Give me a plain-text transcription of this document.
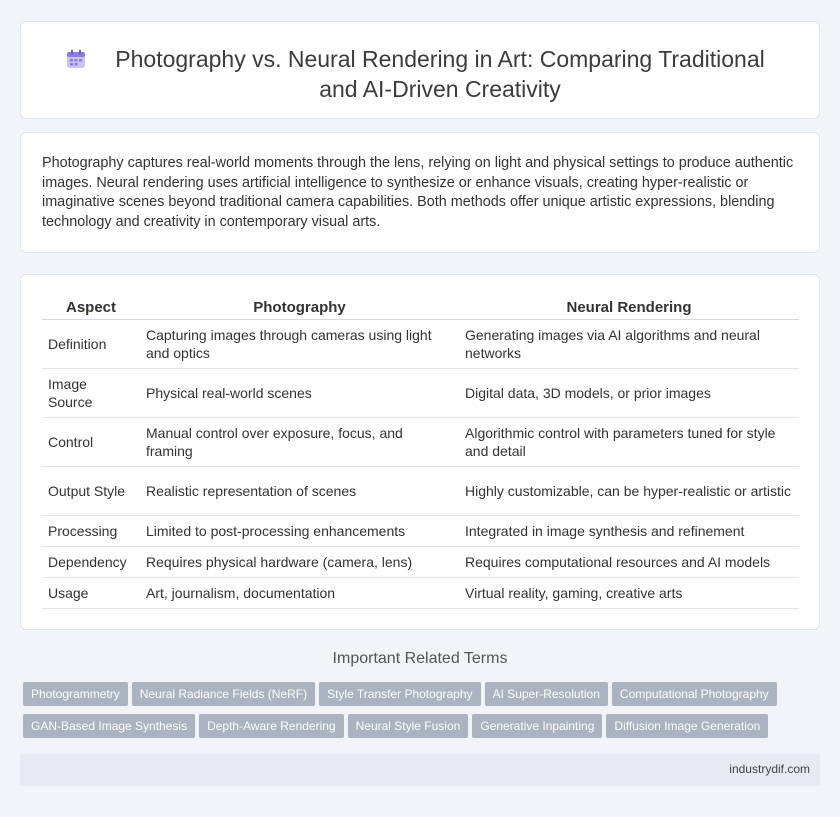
Photography vs. Neural Rendering in Art: Comparing Traditional and AI-Driven Creativity

Photography captures real-world moments through the lens, relying on light and physical settings to produce authentic images. Neural rendering uses artificial intelligence to synthesize or enhance visuals, creating hyper-realistic or imaginative scenes beyond traditional camera capabilities. Both methods offer unique artistic expressions, blending technology and creativity in contemporary visual arts.

Aspect	Photography	Neural Rendering
Definition	Capturing images through cameras using light and optics	Generating images via AI algorithms and neural networks
Image Source	Physical real-world scenes	Digital data, 3D models, or prior images
Control	Manual control over exposure, focus, and framing	Algorithmic control with parameters tuned for style and detail
Output Style	Realistic representation of scenes	Highly customizable, can be hyper-realistic or artistic
Processing	Limited to post-processing enhancements	Integrated in image synthesis and refinement
Dependency	Requires physical hardware (camera, lens)	Requires computational resources and AI models
Usage	Art, journalism, documentation	Virtual reality, gaming, creative arts
Important Related Terms
Photogrammetry Neural Radiance Fields (NeRF) Style Transfer Photography AI Super-Resolution Computational Photography
GAN-Based Image Synthesis Depth-Aware Rendering Neural Style Fusion Generative Inpainting Diffusion Image Generation
industrydif.com
